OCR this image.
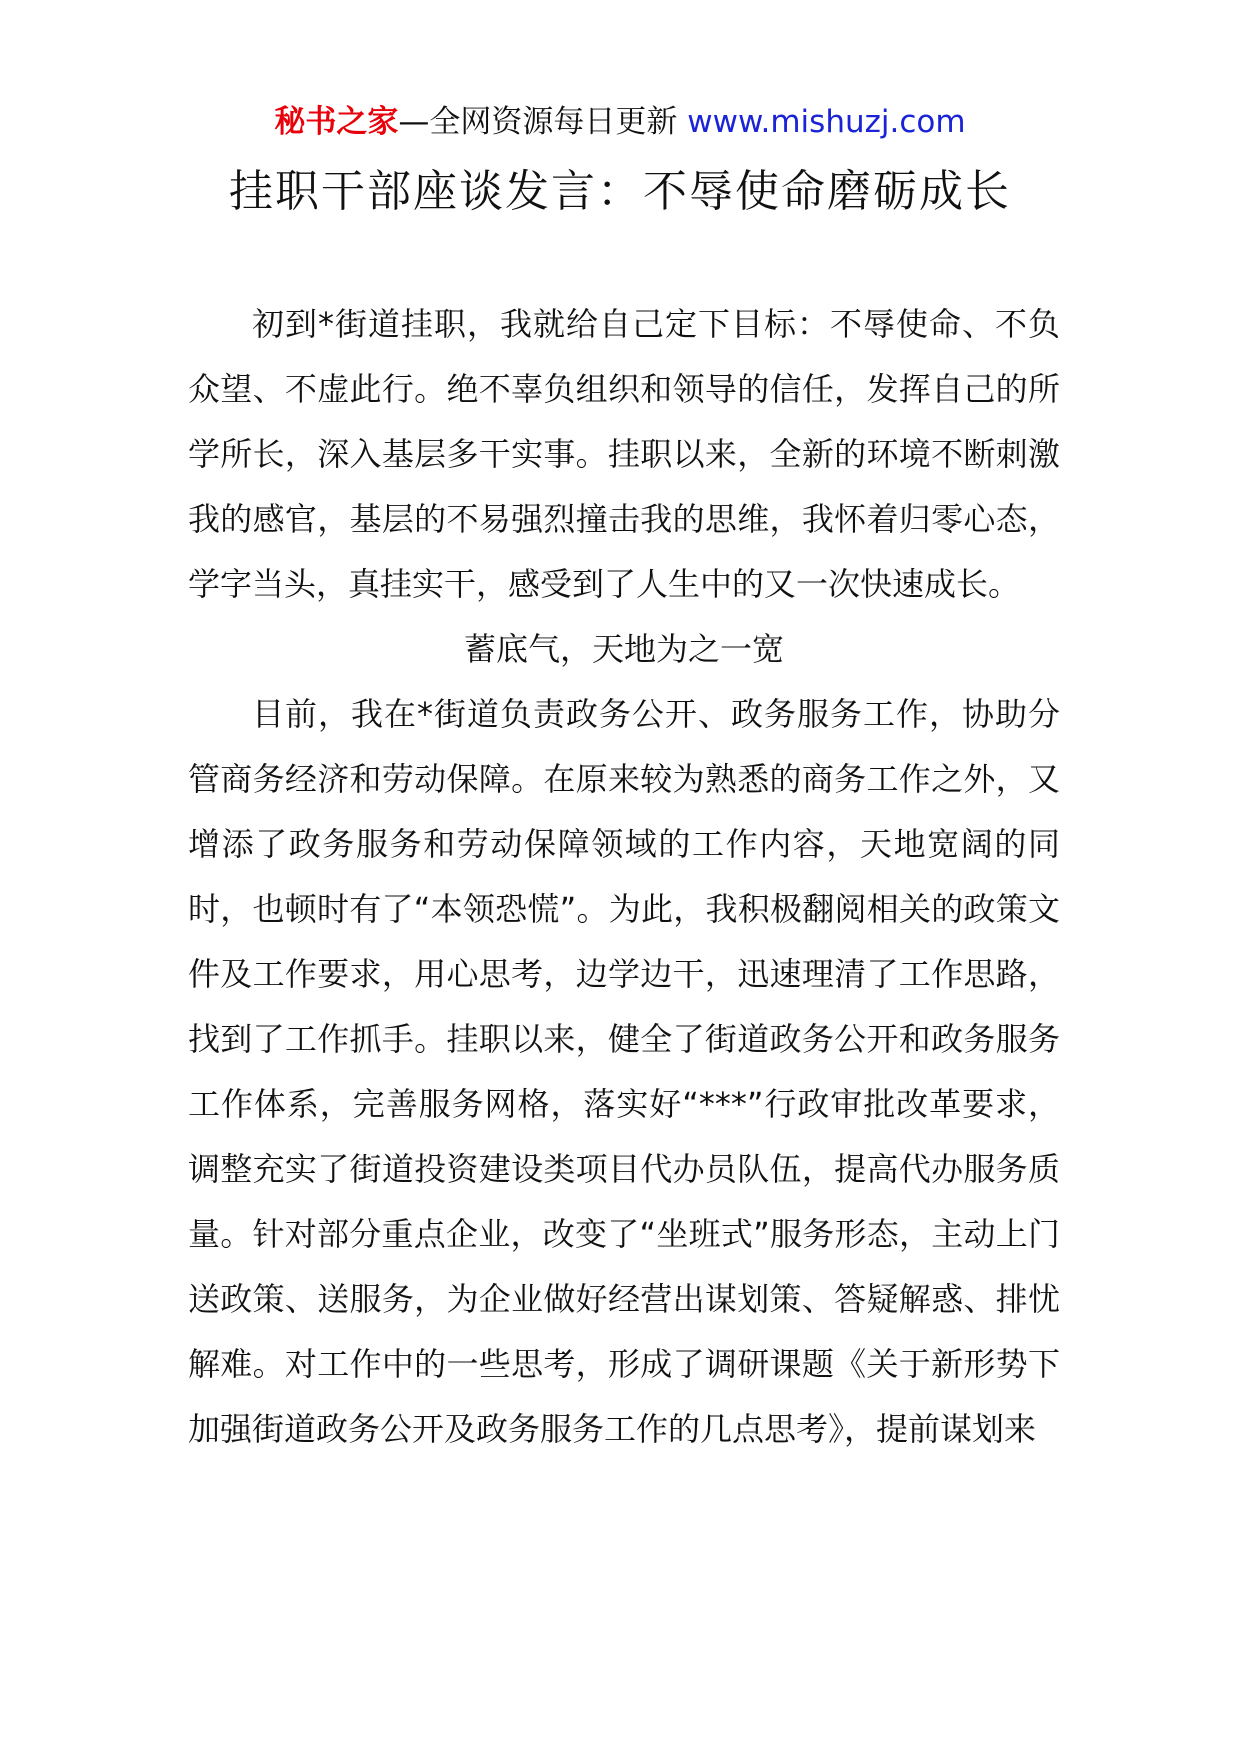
秘书之家—全网资源每日更新 www.mishuzj.com
挂职干部座谈发言：不辱使命磨砺成长

初到*街道挂职，我就给自己定下目标：不辱使命、不负众望、不虚此行。绝不辜负组织和领导的信任，发挥自己的所学所长，深入基层多干实事。挂职以来，全新的环境不断刺激我的感官，基层的不易强烈撞击我的思维，我怀着归零心态，学字当头，真挂实干，感受到了人生中的又一次快速成长。

蓄底气，天地为之一宽

目前，我在*街道负责政务公开、政务服务工作，协助分管商务经济和劳动保障。在原来较为熟悉的商务工作之外，又增添了政务服务和劳动保障领域的工作内容，天地宽阔的同时，也顿时有了“本领恐慌”。为此，我积极翻阅相关的政策文件及工作要求，用心思考，边学边干，迅速理清了工作思路，找到了工作抓手。挂职以来，健全了街道政务公开和政务服务工作体系，完善服务网格，落实好“***”行政审批改革要求，调整充实了街道投资建设类项目代办员队伍，提高代办服务质量。针对部分重点企业，改变了“坐班式”服务形态，主动上门送政策、送服务，为企业做好经营出谋划策、答疑解惑、排忧解难。对工作中的一些思考，形成了调研课题《关于新形势下加强街道政务公开及政务服务工作的几点思考》，提前谋划来
